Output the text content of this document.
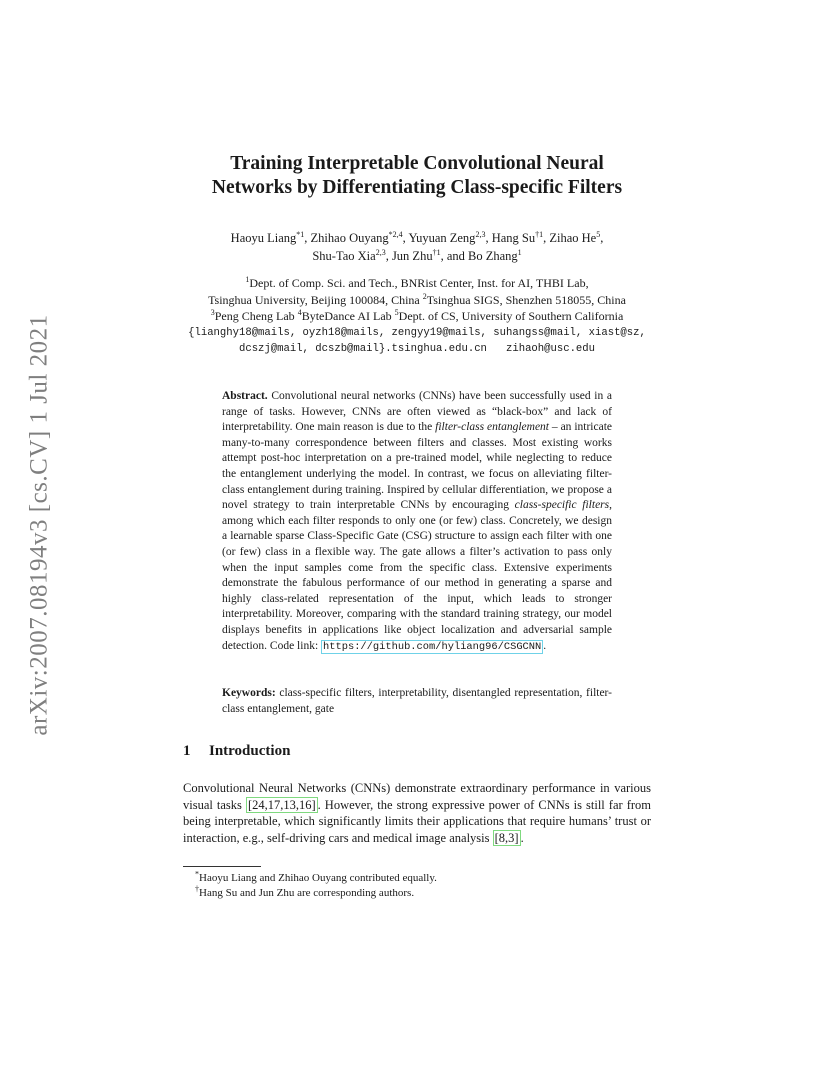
arXiv:2007.08194v3 [cs.CV] 1 Jul 2021
Training Interpretable Convolutional Neural
Networks by Differentiating Class-specific Filters
Haoyu Liang$^{*1}$, Zhihao Ouyang$^{*2,4}$, Yuyuan Zeng$^{2,3}$, Hang Su$^{\dagger 1}$, Zihao He$^5$,
Shu-Tao Xia$^{2,3}$, Jun Zhu$^{\dagger 1}$, and Bo Zhang$^1$
$^1$Dept. of Comp. Sci. and Tech., BNRist Center, Inst. for AI, THBI Lab,
Tsinghua University, Beijing 100084, China $^2$Tsinghua SIGS, Shenzhen 518055, China
$^3$Peng Cheng Lab $^4$ByteDance AI Lab $^5$Dept. of CS, University of Southern California
{lianghy18@mails, oyzh18@mails, zengyy19@mails, suhangss@mail, xiast@sz,
dcszj@mail, dcszb@mail}.tsinghua.edu.cn zihaoh@usc.edu
Abstract. Convolutional neural networks (CNNs) have been successfully used in a range of tasks. However, CNNs are often viewed as “black-box” and lack of interpretability. One main reason is due to the filter-class entanglement – an intricate many-to-many correspondence between filters and classes. Most existing works attempt post-hoc interpretation on a pre-trained model, while neglecting to reduce the entanglement underlying the model. In contrast, we focus on alleviating filter-class entanglement during training. Inspired by cellular differentiation, we propose a novel strategy to train interpretable CNNs by encouraging class-specific filters, among which each filter responds to only one (or few) class. Concretely, we design a learnable sparse Class-Specific Gate (CSG) structure to assign each filter with one (or few) class in a flexible way. The gate allows a filter’s activation to pass only when the input samples come from the specific class. Extensive experiments demonstrate the fabulous performance of our method in generating a sparse and highly class-related representation of the input, which leads to stronger interpretability. Moreover, comparing with the standard training strategy, our model displays benefits in applications like object localization and adversarial sample detection. Code link: https://github.com/hyliang96/CSGCNN .
Keywords: class-specific filters, interpretability, disentangled representation, filter-class entanglement, gate
1 Introduction
Convolutional Neural Networks (CNNs) demonstrate extraordinary performance in various visual tasks [24,17,13,16] . However, the strong expressive power of CNNs is still far from being interpretable, which significantly limits their applications that require humans’ trust or interaction, e.g., self-driving cars and medical image analysis [8,3] .
*Haoyu Liang and Zhihao Ouyang contributed equally.
†Hang Su and Jun Zhu are corresponding authors.
